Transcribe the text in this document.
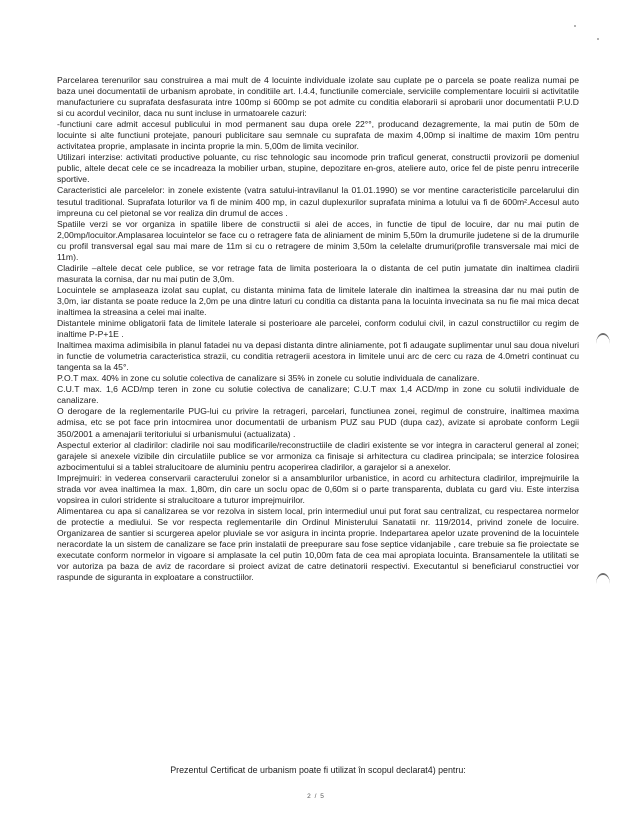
Parcelarea terenurilor sau construirea a mai mult de 4 locuinte individuale izolate sau cuplate pe o parcela se poate realiza numai pe baza unei documentatii de urbanism aprobate, in conditiile art. I.4.4, functiunile comerciale, serviciile complementare locuirii si activitatile manufacturiere cu suprafata desfasurata intre 100mp si 600mp se pot admite cu conditia elaborarii si aprobarii unor documentatii P.U.D si cu acordul vecinilor, daca nu sunt incluse in urmatoarele cazuri:

-functiuni care admit accesul publicului in mod permanent sau dupa orele 22°°, producand dezagremente, la mai putin de 50m de locuinte si alte functiuni protejate, panouri publicitare sau semnale cu suprafata de maxim 4,00mp si inaltime de maxim 10m pentru activitatea proprie, amplasate in incinta proprie la min. 5,00m de limita vecinilor.

Utilizari interzise: activitati productive poluante, cu risc tehnologic sau incomode prin traficul generat, constructii provizorii pe domeniul public, altele decat cele ce se incadreaza la mobilier urban, stupine, depozitare en-gros, ateliere auto, orice fel de piste penru intrecerile sportive.

Caracteristici ale parcelelor: in zonele existente (vatra satului-intravilanul la 01.01.1990) se vor mentine caracteristicile parcelarului din tesutul traditional. Suprafata loturilor va fi de minim 400 mp, in cazul duplexurilor suprafata minima a lotului va fi de 600m².Accesul auto impreuna cu cel pietonal se vor realiza din drumul de acces .

Spatiile verzi se vor organiza in spatiile libere de constructii si alei de acces, in functie de tipul de locuire, dar nu mai putin de 2,00mp/locuitor.Amplasarea locuintelor se face cu o retragere fata de aliniament de minim 5,50m la drumurile judetene si de la drumurile cu profil transversal egal sau mai mare de 11m si cu o retragere de minim 3,50m la celelalte drumuri(profile transversale mai mici de 11m).

Cladirile –altele decat cele publice, se vor retrage fata de limita posterioara la o distanta de cel putin jumatate din inaltimea cladirii masurata la cornisa, dar nu mai putin de 3,0m.

Locuintele se amplaseaza izolat sau cuplat, cu distanta minima fata de limitele laterale din inaltimea la streasina dar nu mai putin de 3,0m, iar distanta se poate reduce la 2,0m pe una dintre laturi cu conditia ca distanta pana la locuinta invecinata sa nu fie mai mica decat inaltimea la streasina a celei mai inalte.

Distantele minime obligatorii fata de limitele laterale si posterioare ale parcelei, conform codului civil, in cazul constructiilor cu regim de inaltime P-P+1E .

Inaltimea maxima adimisibila in planul fatadei nu va depasi distanta dintre aliniamente, pot fi adaugate suplimentar unul sau doua niveluri in functie de volumetria caracteristica strazii, cu conditia retragerii acestora in limitele unui arc de cerc cu raza de 4.0metri continuat cu tangenta sa la 45°.

P.O.T max. 40% in zone cu solutie colectiva de canalizare si 35% in zonele cu solutie individuala de canalizare.

C.U.T max. 1,6 ACD/mp teren in zone cu solutie colectiva de canalizare; C.U.T max 1,4 ACD/mp in zone cu solutii individuale de canalizare.

O derogare de la reglementarile PUG-lui cu privire la retrageri, parcelari, functiunea zonei, regimul de construire, inaltimea maxima admisa, etc se pot face prin intocmirea unor documentatii de urbanism PUZ sau PUD (dupa caz), avizate si aprobate conform Legii 350/2001 a amenajarii teritoriului si urbanismului (actualizata) .

Aspectul exterior al cladirilor: cladirile noi sau modificarile/reconstructiile de cladiri existente se vor integra in caracterul general al zonei; garajele si anexele vizibile din circulatiile publice se vor armoniza ca finisaje si arhitectura cu cladirea principala; se interzice folosirea azbocimentului si a tablei stralucitoare de aluminiu pentru acoperirea cladirilor, a garajelor si a anexelor.

Imprejmuiri: in vederea conservarii caracterului zonelor si a ansamblurilor urbanistice, in acord cu arhitectura cladirilor, imprejmuirile la strada vor avea inaltimea la max. 1,80m, din care un soclu opac de 0,60m si o parte transparenta, dublata cu gard viu. Este interzisa vopsirea in culori stridente si stralucitoare a tuturor imprejmuirilor.

Alimentarea cu apa si canalizarea se vor rezolva in sistem local, prin intermediul unui put forat sau centralizat, cu respectarea normelor de protectie a mediului. Se vor respecta reglementarile din Ordinul Ministerului Sanatatii nr. 119/2014, privind zonele de locuire. Organizarea de santier si scurgerea apelor pluviale se vor asigura in incinta proprie. Indepartarea apelor uzate provenind de la locuintele neracordate la un sistem de canalizare se face prin instalatii de preepurare sau fose septice vidanjabile , care trebuie sa fie proiectate se executate conform normelor in vigoare si amplasate la cel putin 10,00m fata de cea mai apropiata locuinta. Bransamentele la utilitati se vor autoriza pa baza de aviz de racordare si proiect avizat de catre detinatorii respectivi. Executantul si beneficiarul constructiei vor raspunde de siguranta in exploatare a constructiilor.

Prezentul Certificat de urbanism poate fi utilizat în scopul declarat4) pentru:
2 / 5
